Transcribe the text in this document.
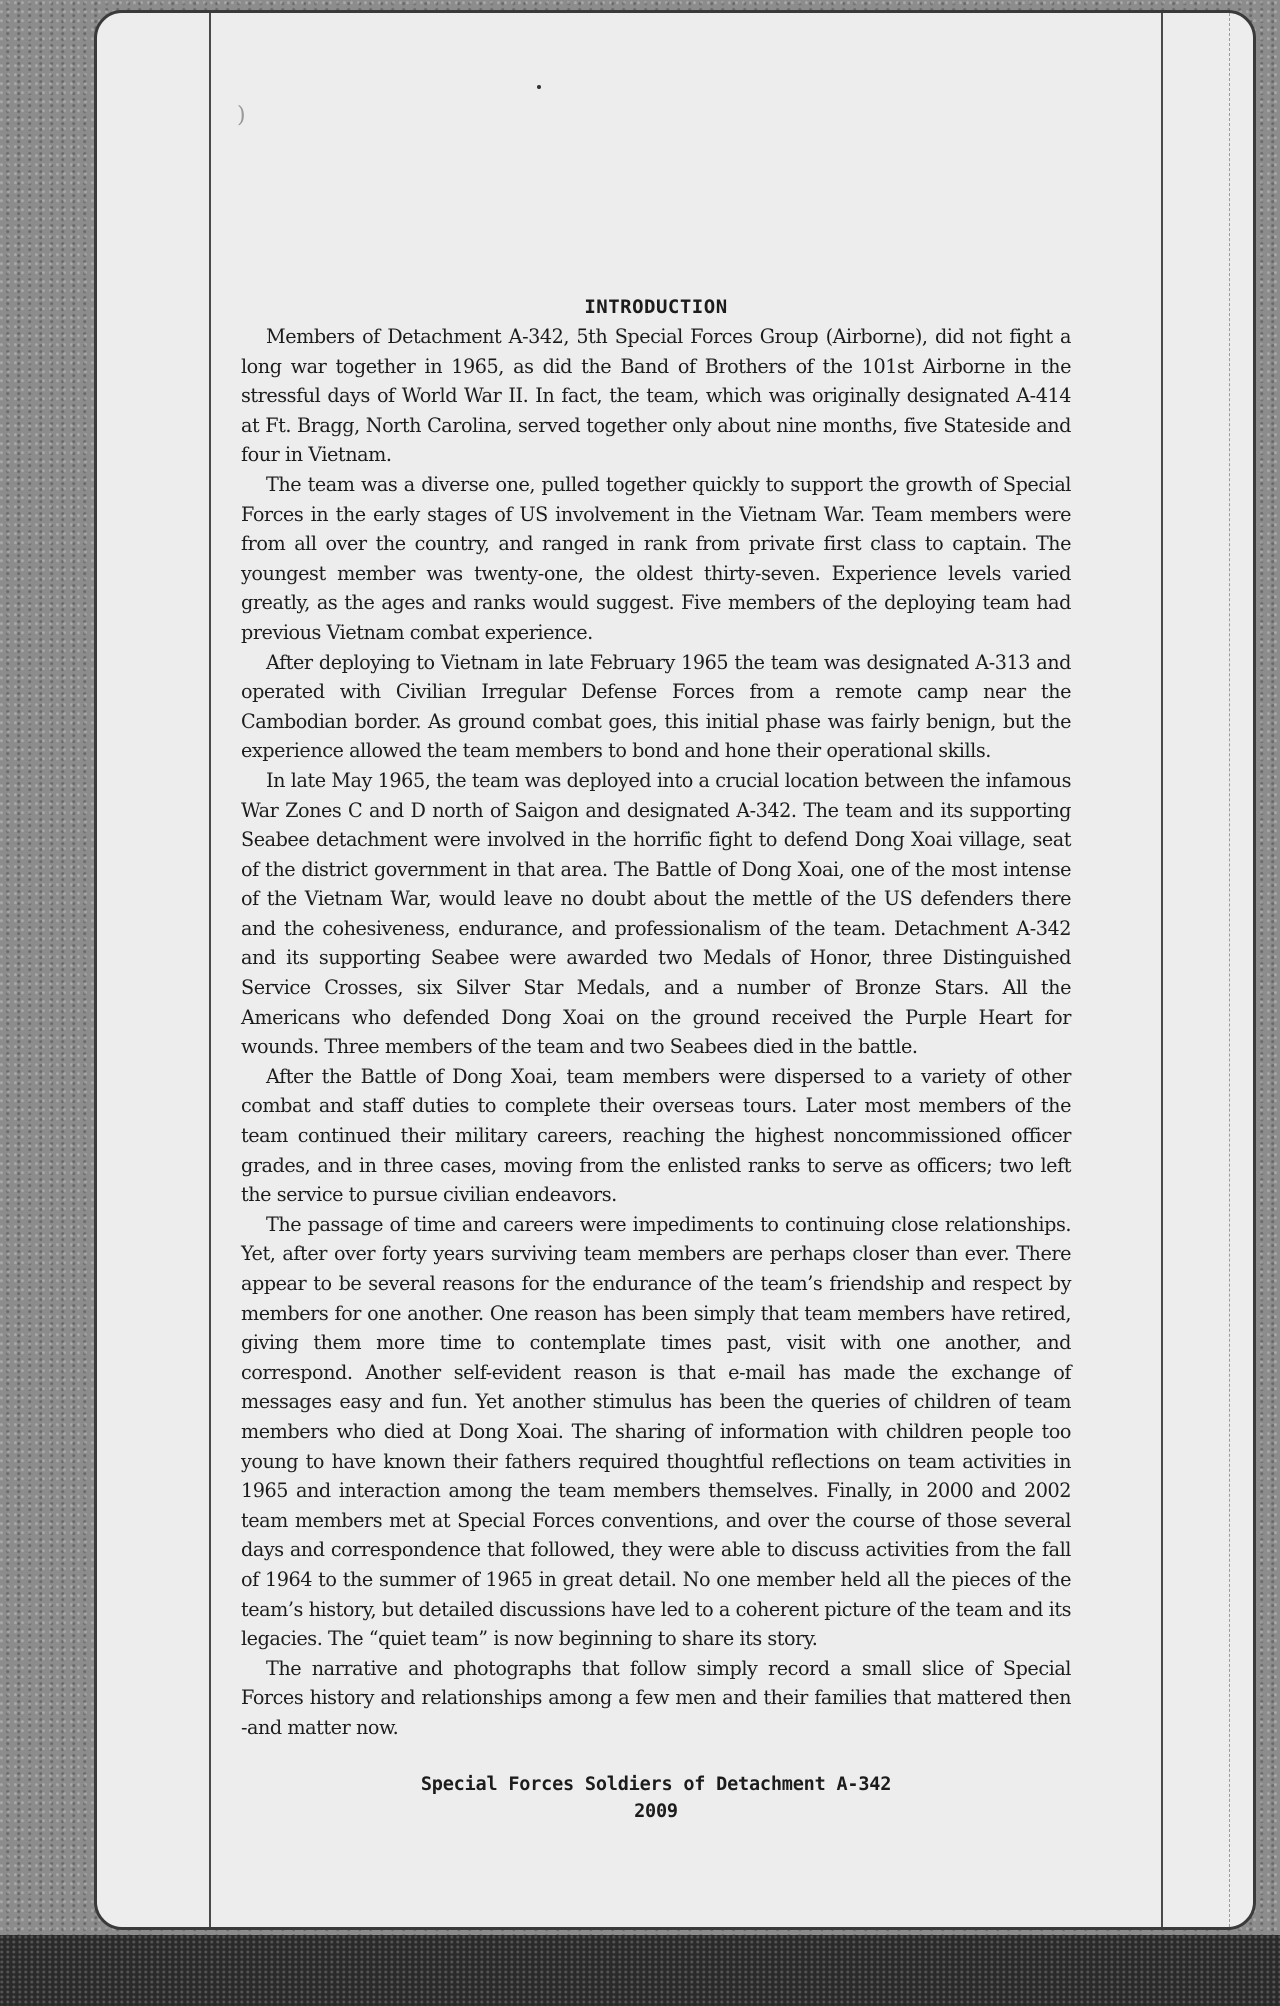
)
INTRODUCTION

Members of Detachment A-342, 5th Special Forces Group (Airborne), did not fight a long war together in 1965, as did the Band of Brothers of the 101st Airborne in the stressful days of World War II. In fact, the team, which was originally designated A-414 at Ft. Bragg, North Carolina, served together only about nine months, five Stateside and four in Vietnam.

The team was a diverse one, pulled together quickly to support the growth of Special Forces in the early stages of US involvement in the Vietnam War. Team members were from all over the country, and ranged in rank from private first class to captain. The youngest member was twenty-one, the oldest thirty-seven. Experience levels varied greatly, as the ages and ranks would suggest. Five members of the deploying team had previous Vietnam combat experience.

After deploying to Vietnam in late February 1965 the team was designated A-313 and operated with Civilian Irregular Defense Forces from a remote camp near the Cambodian border. As ground combat goes, this initial phase was fairly benign, but the experience allowed the team members to bond and hone their operational skills.

In late May 1965, the team was deployed into a crucial location between the infamous War Zones C and D north of Saigon and designated A-342. The team and its supporting Seabee detachment were involved in the horrific fight to defend Dong Xoai village, seat of the district government in that area. The Battle of Dong Xoai, one of the most intense of the Vietnam War, would leave no doubt about the mettle of the US defenders there and the cohesiveness, endurance, and professionalism of the team. Detachment A-342 and its supporting Seabee were awarded two Medals of Honor, three Distinguished Service Crosses, six Silver Star Medals, and a number of Bronze Stars. All the Americans who defended Dong Xoai on the ground received the Purple Heart for wounds. Three members of the team and two Seabees died in the battle.

After the Battle of Dong Xoai, team members were dispersed to a variety of other combat and staff duties to complete their overseas tours. Later most members of the team continued their military careers, reaching the highest noncommissioned officer grades, and in three cases, moving from the enlisted ranks to serve as officers; two left the service to pursue civilian endeavors.

The passage of time and careers were impediments to continuing close relationships. Yet, after over forty years surviving team members are perhaps closer than ever. There appear to be several reasons for the endurance of the team’s friendship and respect by members for one another. One reason has been simply that team members have retired, giving them more time to contemplate times past, visit with one another, and correspond. Another self-evident reason is that e-mail has made the exchange of messages easy and fun. Yet another stimulus has been the queries of children of team members who died at Dong Xoai. The sharing of information with children people too young to have known their fathers required thoughtful reflections on team activities in 1965 and interaction among the team members themselves. Finally, in 2000 and 2002 team members met at Special Forces conventions, and over the course of those several days and correspondence that followed, they were able to discuss activities from the fall of 1964 to the summer of 1965 in great detail. No one member held all the pieces of the team’s history, but detailed discussions have led to a coherent picture of the team and its legacies. The “quiet team” is now beginning to share its story.

The narrative and photographs that follow simply record a small slice of Special Forces history and relationships among a few men and their families that mattered then -and matter now.

Special Forces Soldiers of Detachment A-342
2009
